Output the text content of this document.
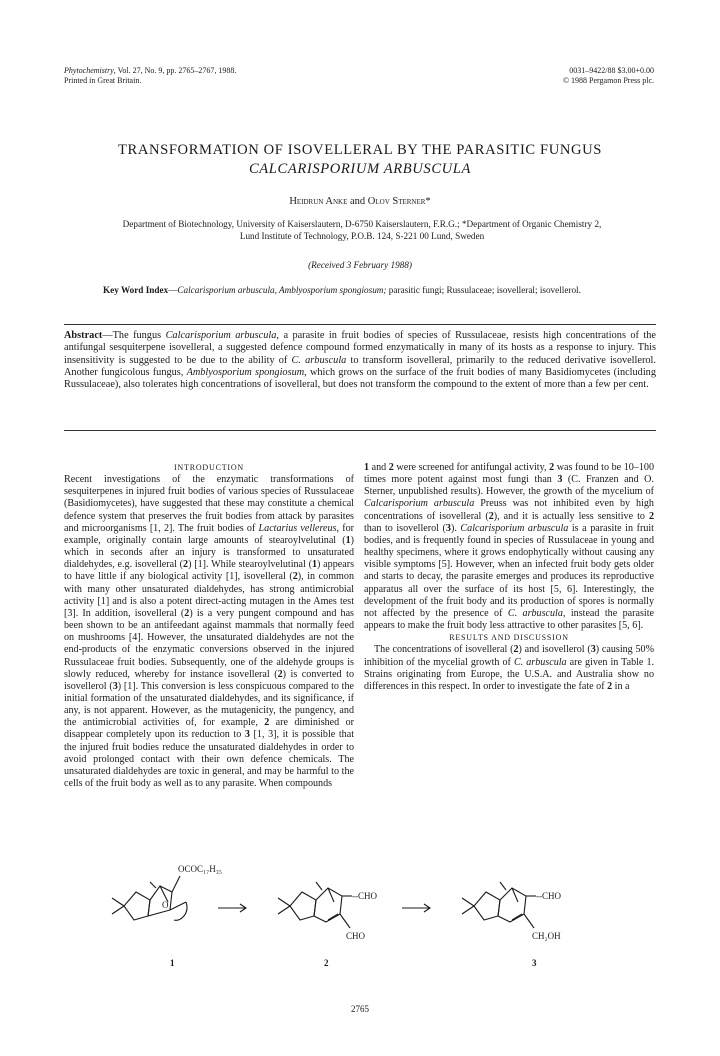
Phytochemistry, Vol. 27, No. 9, pp. 2765–2767, 1988.
Printed in Great Britain.
0031–9422/88 $3.00+0.00
© 1988 Pergamon Press plc.
TRANSFORMATION OF ISOVELLERAL BY THE PARASITIC FUNGUS
CALCARISPORIUM ARBUSCULA
Heidrun Anke and Olov Sterner*
Department of Biotechnology, University of Kaiserslautern, D-6750 Kaiserslautern, F.R.G.; *Department of Organic Chemistry 2,
Lund Institute of Technology, P.O.B. 124, S-221 00 Lund, Sweden
(Received 3 February 1988)
Key Word Index—Calcarisporium arbuscula, Amblyosporium spongiosum; parasitic fungi; Russulaceae; isovelleral; isovellerol.
Abstract—The fungus Calcarisporium arbuscula, a parasite in fruit bodies of species of Russulaceae, resists high concentrations of the antifungal sesquiterpene isovelleral, a suggested defence compound formed enzymatically in many of its hosts as a response to injury. This insensitivity is suggested to be due to the ability of C. arbuscula to transform isovelleral, primarily to the reduced derivative isovellerol. Another fungicolous fungus, Amblyosporium spongiosum, which grows on the surface of the fruit bodies of many Basidiomycetes (including Russulaceae), also tolerates high concentrations of isovelleral, but does not transform the compound to the extent of more than a few per cent.

INTRODUCTION

Recent investigations of the enzymatic transformations of sesquiterpenes in injured fruit bodies of various species of Russulaceae (Basidiomycetes), have suggested that these may constitute a chemical defence system that preserves the fruit bodies from attack by parasites and microorganisms [1, 2]. The fruit bodies of Lactarius vellereus, for example, originally contain large amounts of stearoylvelutinal (1) which in seconds after an injury is transformed to unsaturated dialdehydes, e.g. isovelleral (2) [1]. While stearoylvelutinal (1) appears to have little if any biological activity [1], isovelleral (2), in common with many other unsaturated dialdehydes, has strong antimicrobial activity [1] and is also a potent direct-acting mutagen in the Ames test [3]. In addition, isovelleral (2) is a very pungent compound and has been shown to be an antifeedant against mammals that normally feed on mushrooms [4]. However, the unsaturated dialdehydes are not the end-products of the enzymatic conversions observed in the injured Russulaceae fruit bodies. Subsequently, one of the aldehyde groups is slowly reduced, whereby for instance isovelleral (2) is converted to isovellerol (3) [1]. This conversion is less conspicuous compared to the initial formation of the unsaturated dialdehydes, and its significance, if any, is not apparent. However, as the mutagenicity, the pungency, and the antimicrobial activities of, for example, 2 are diminished or disappear completely upon its reduction to 3 [1, 3], it is possible that the injured fruit bodies reduce the unsaturated dialdehydes in order to avoid prolonged contact with their own defence chemicals. The unsaturated dialdehydes are toxic in general, and may be harmful to the cells of the fruit body as well as to any parasite. When compounds

1 and 2 were screened for antifungal activity, 2 was found to be 10–100 times more potent against most fungi than 3 (C. Franzen and O. Sterner, unpublished results). However, the growth of the mycelium of Calcarisporium arbuscula Preuss was not inhibited even by high concentrations of isovelleral (2), and it is actually less sensitive to 2 than to isovellerol (3). Calcarisporium arbuscula is a parasite in fruit bodies, and is frequently found in species of Russulaceae in young and healthy specimens, where it grows endophytically without causing any visible symptoms [5]. However, when an infected fruit body gets older and starts to decay, the parasite emerges and produces its reproductive apparatus all over the surface of its host [5, 6]. Interestingly, the development of the fruit body and its production of spores is normally not affected by the presence of C. arbuscula, instead the parasite appears to make the fruit body less attractive to other parasites [5, 6].

RESULTS AND DISCUSSION

The concentrations of isovelleral (2) and isovellerol (3) causing 50% inhibition of the mycelial growth of C. arbuscula are given in Table 1. Strains originating from Europe, the U.S.A. and Australia show no differences in this respect. In order to investigate the fate of 2 in a

OCOC₁₇H₃₅
O
--CHO
CHO
--CHO
CH₂OH
1	2	3
2765
